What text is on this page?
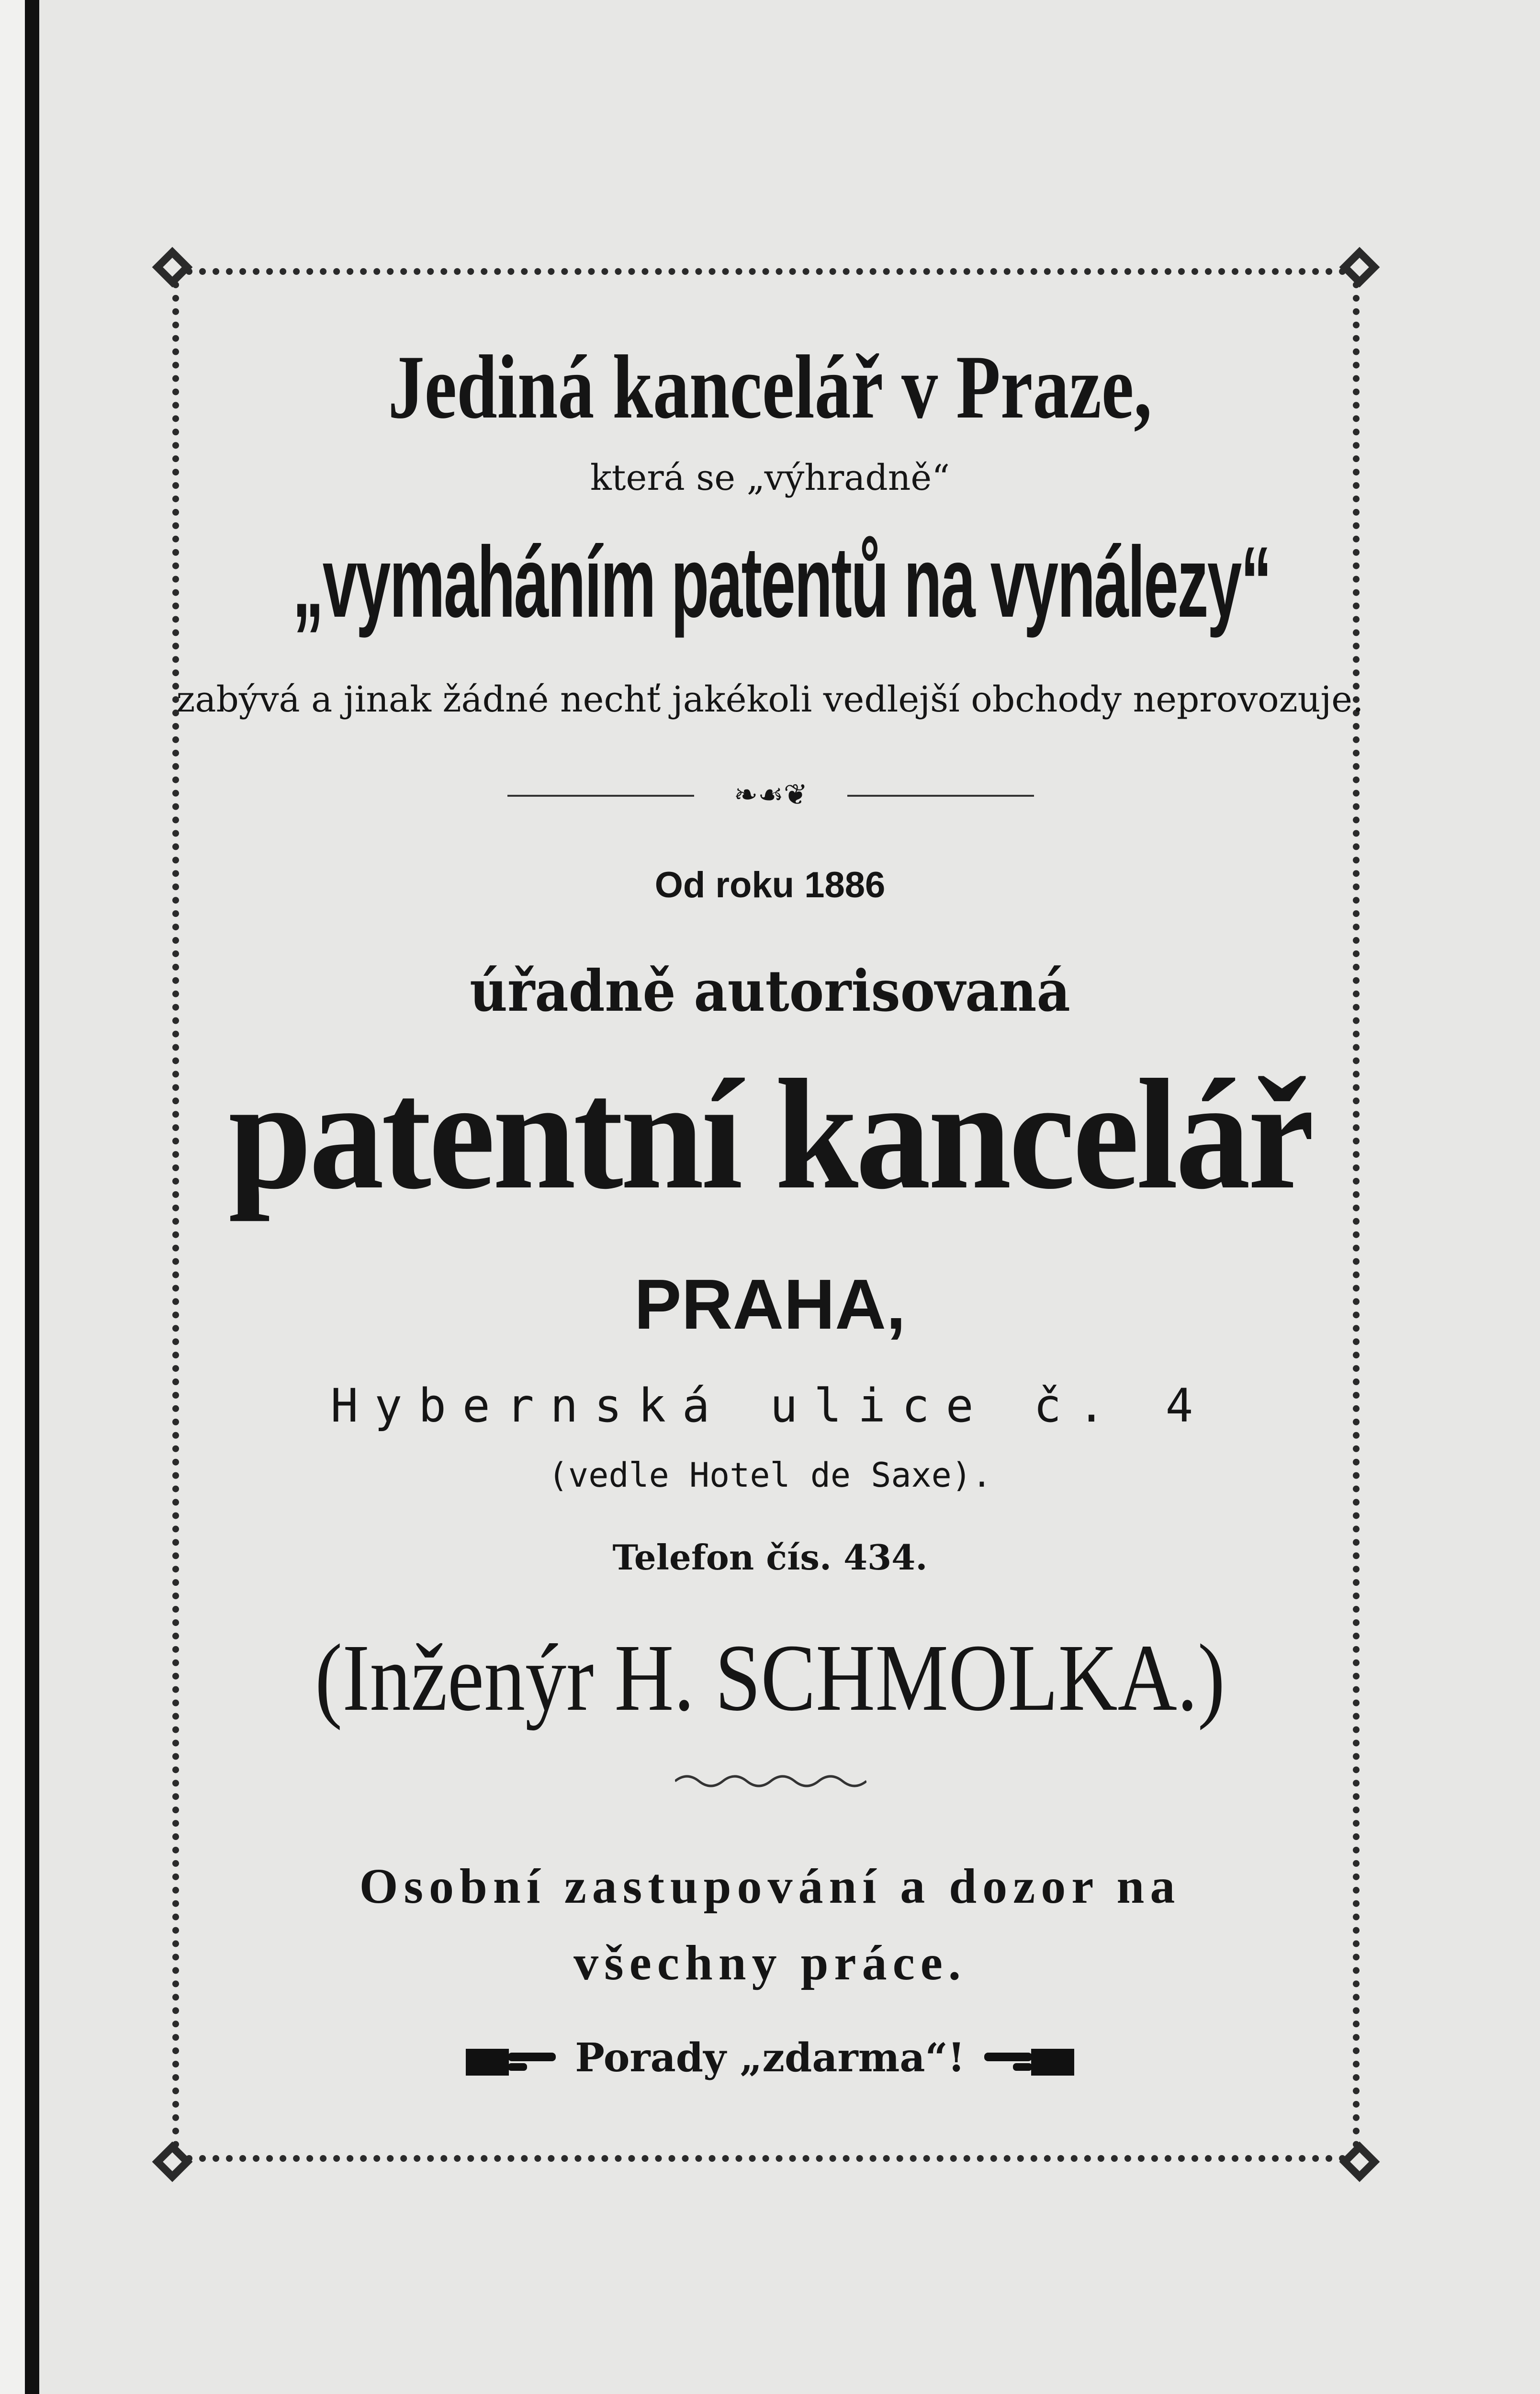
Jediná kancelář v Praze,
která se „výhradně“
„vymaháním patentů na vynálezy“
zabývá a jinak žádné nechť jakékoli vedlejší obchody neprovozuje.
❧☙❦
Od roku 1886
úřadně autorisovaná
patentní kancelář
PRAHA,
Hybernská ulice č. 4
(vedle Hotel de Saxe).
Telefon čís. 434.
(Inženýr H. SCHMOLKA.)
Osobní zastupování a dozor na
všechny práce.
Porady „zdarma“!
